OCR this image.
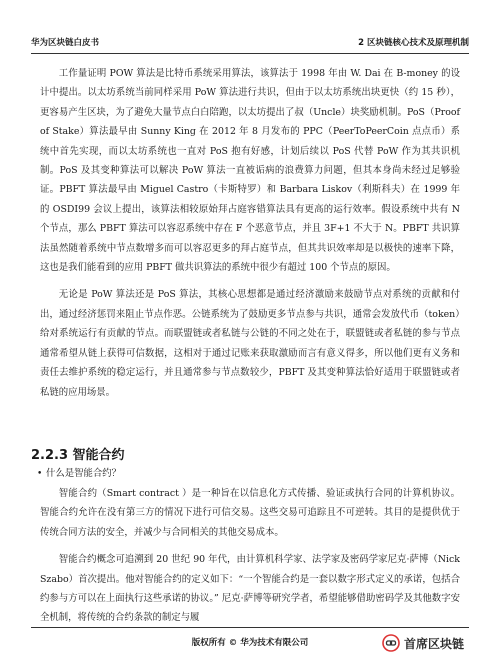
华为区块链白皮书	2 区块链核心技术及原理机制

工作量证明 POW 算法是比特币系统采用算法，该算法于 1998 年由 W. Dai 在 B-money 的设计中提出。以太坊系统当前同样采用 PoW 算法进行共识，但由于以太坊系统出块更快（约 15 秒），更容易产生区块，为了避免大量节点白白陪跑，以太坊提出了叔（Uncle）块奖励机制。PoS（Proof of Stake）算法最早由 Sunny King 在 2012 年 8 月发布的 PPC（PeerToPeerCoin 点点币）系统中首先实现，而以太坊系统也一直对 PoS 抱有好感，计划后续以 PoS 代替 PoW 作为其共识机制。PoS 及其变种算法可以解决 PoW 算法一直被诟病的浪费算力问题，但其本身尚未经过足够验证。PBFT 算法最早由 Miguel Castro（卡斯特罗）和 Barbara Liskov（利斯科夫）在 1999 年的 OSDI99 会议上提出，该算法相较原始拜占庭容错算法具有更高的运行效率。假设系统中共有 N 个节点，那么 PBFT 算法可以容忍系统中存在 F 个恶意节点，并且 3F+1 不大于 N。PBFT 共识算法虽然随着系统中节点数增多而可以容忍更多的拜占庭节点，但其共识效率却是以极快的速率下降，这也是我们能看到的应用 PBFT 做共识算法的系统中很少有超过 100 个节点的原因。

无论是 PoW 算法还是 PoS 算法，其核心思想都是通过经济激励来鼓励节点对系统的贡献和付出，通过经济惩罚来阻止节点作恶。公链系统为了鼓励更多节点参与共识，通常会发放代币（token）给对系统运行有贡献的节点。而联盟链或者私链与公链的不同之处在于，联盟链或者私链的参与节点通常希望从链上获得可信数据，这相对于通过记账来获取激励而言有意义得多，所以他们更有义务和责任去维护系统的稳定运行，并且通常参与节点数较少，PBFT 及其变种算法恰好适用于联盟链或者私链的应用场景。

2.2.3 智能合约
• 什么是智能合约？

智能合约（Smart contract ）是一种旨在以信息化方式传播、验证或执行合同的计算机协议。智能合约允许在没有第三方的情况下进行可信交易。这些交易可追踪且不可逆转。其目的是提供优于传统合同方法的安全，并减少与合同相关的其他交易成本。

智能合约概念可追溯到 20 世纪 90 年代，由计算机科学家、法学家及密码学家尼克·萨博（Nick Szabo）首次提出。他对智能合约的定义如下：“一个智能合约是一套以数字形式定义的承诺，包括合约参与方可以在上面执行这些承诺的协议。” 尼克·萨博等研究学者，希望能够借助密码学及其他数字安全机制，将传统的合约条款的制定与履

版权所有 © 华为技术有限公司	首席区块链
